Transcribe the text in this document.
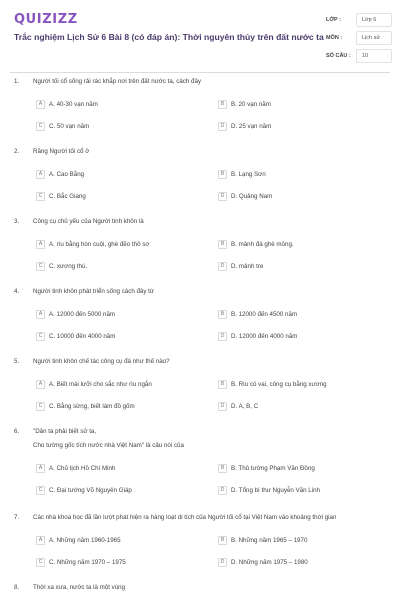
QUIZIZZ
Trắc nghiệm Lịch Sử 6 Bài 8 (có đáp án): Thời nguyên thủy trên đất nước ta
LỚP :	Lớp 6
MÔN :	Lịch sử
SỐ CÂU :	10
1. Người tối cổ sống rải rác khắp nơi trên đất nước ta, cách đây
A	A. 40-30 vạn năm	B	B. 20 vạn năm
C	C. 50 vạn năm	D	D. 25 vạn năm
2. Răng Người tối cổ ở
A	A. Cao Bằng	B	B. Lạng Sơn
C	C. Bắc Giang	D	D. Quảng Nam
3. Công cụ chủ yếu của Người tinh khôn là
A	A. rìu bằng hòn cuội, ghè đẽo thô sơ	B	B. mảnh đá ghè mỏng.
C	C. xương thú.	D	D. mảnh tre
4. Người tinh khôn phát triển sống cách đây từ
A	A. 12000 đến 5000 năm	B	B. 12000 đến 4500 năm
C	C. 10000 đến 4000 năm	D	D. 12000 đến 4000 năm
5. Người tinh khôn chế tác công cụ đá như thế nào?
A	A. Biết mài lưỡi cho sắc như rìu ngắn	B	B. Rìu có vai, công cụ bằng xương
C	C. Bằng sừng, biết làm đồ gốm	D	D. A, B, C
6. "Dân ta phải biết sử ta,
Cho tường gốc tích nước nhà Việt Nam" là câu nói của
A	A. Chủ tịch Hồ Chí Minh	B	B. Thủ tướng Phạm Văn Đồng
C	C. Đại tướng Võ Nguyên Giáp	D	D. Tổng bí thư Nguyễn Văn Linh
7. Các nhà khoa học đã lần lượt phát hiện ra hàng loạt di tích của Người tối cổ tại Việt Nam vào khoảng thời gian
A	A. Những năm 1960-1965	B	B. Những năm 1965 – 1970
C	C. Những năm 1970 – 1975	D	D. Những năm 1975 – 1980
8. Thời xa xưa, nước ta là một vùng
